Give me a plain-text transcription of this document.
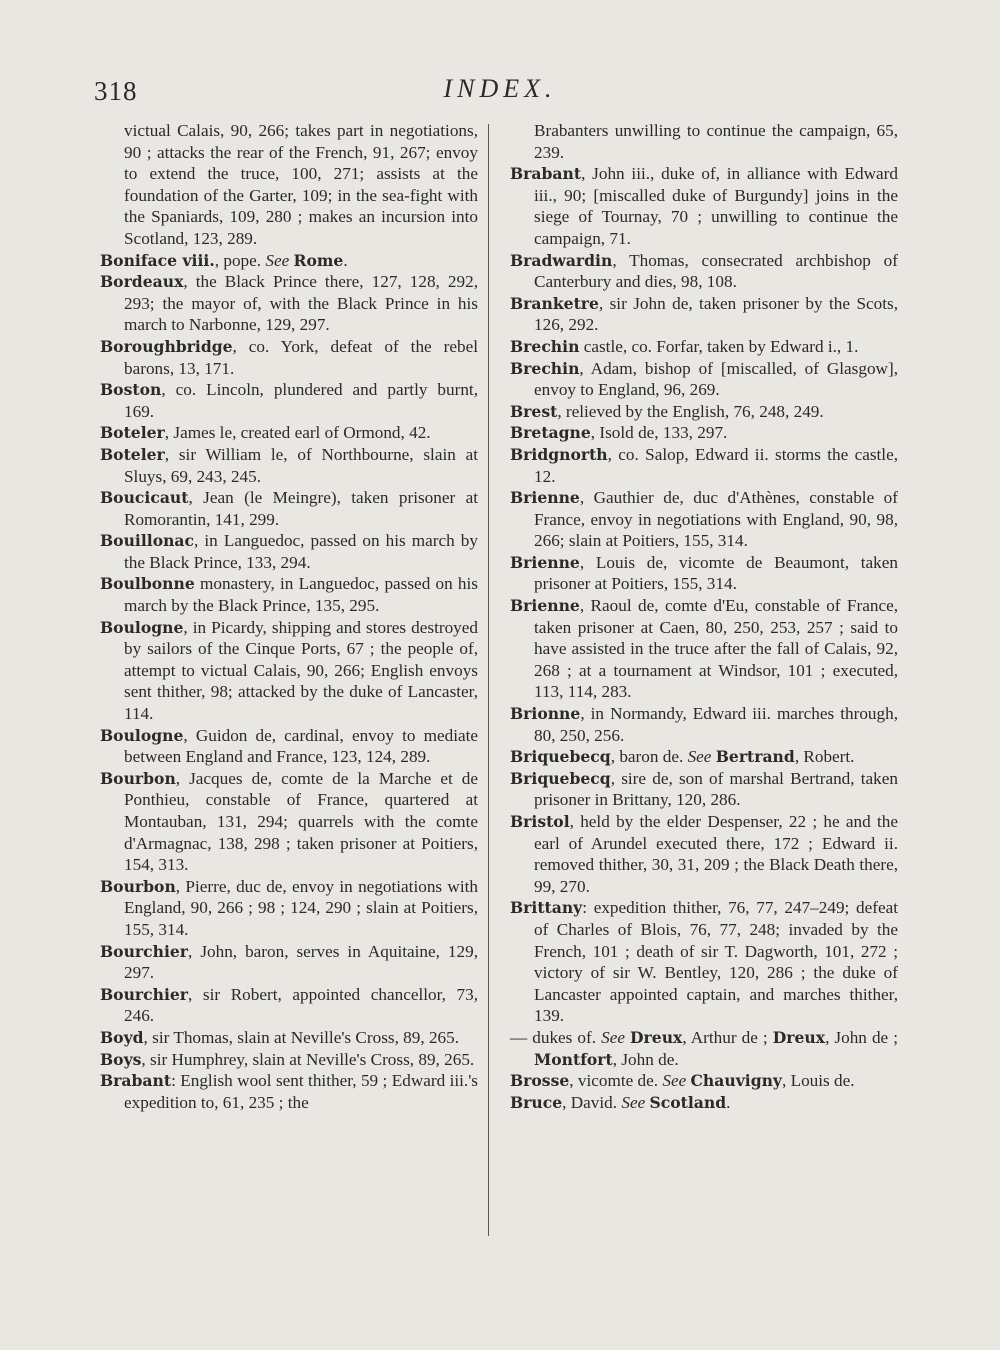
318	INDEX.

victual Calais, 90, 266; takes part in negotiations, 90 ; attacks the rear of the French, 91, 267; envoy to extend the truce, 100, 271; assists at the foundation of the Garter, 109; in the sea-fight with the Spaniards, 109, 280 ; makes an incursion into Scotland, 123, 289.

Boniface viii., pope. See Rome.

Bordeaux, the Black Prince there, 127, 128, 292, 293; the mayor of, with the Black Prince in his march to Narbonne, 129, 297.

Boroughbridge, co. York, defeat of the rebel barons, 13, 171.

Boston, co. Lincoln, plundered and partly burnt, 169.

Boteler, James le, created earl of Ormond, 42.

Boteler, sir William le, of Northbourne, slain at Sluys, 69, 243, 245.

Boucicaut, Jean (le Meingre), taken prisoner at Romorantin, 141, 299.

Bouillonac, in Languedoc, passed on his march by the Black Prince, 133, 294.

Boulbonne monastery, in Languedoc, passed on his march by the Black Prince, 135, 295.

Boulogne, in Picardy, shipping and stores destroyed by sailors of the Cinque Ports, 67 ; the people of, attempt to victual Calais, 90, 266; English envoys sent thither, 98; attacked by the duke of Lancaster, 114.

Boulogne, Guidon de, cardinal, envoy to mediate between England and France, 123, 124, 289.

Bourbon, Jacques de, comte de la Marche et de Ponthieu, constable of France, quartered at Montauban, 131, 294; quarrels with the comte d'Armagnac, 138, 298 ; taken prisoner at Poitiers, 154, 313.

Bourbon, Pierre, duc de, envoy in negotiations with England, 90, 266 ; 98 ; 124, 290 ; slain at Poitiers, 155, 314.

Bourchier, John, baron, serves in Aquitaine, 129, 297.

Bourchier, sir Robert, appointed chancellor, 73, 246.

Boyd, sir Thomas, slain at Neville's Cross, 89, 265.

Boys, sir Humphrey, slain at Neville's Cross, 89, 265.

Brabant: English wool sent thither, 59 ; Edward iii.'s expedition to, 61, 235 ; the

Brabanters unwilling to continue the campaign, 65, 239.

Brabant, John iii., duke of, in alliance with Edward iii., 90; [miscalled duke of Burgundy] joins in the siege of Tournay, 70 ; unwilling to continue the campaign, 71.

Bradwardin, Thomas, consecrated archbishop of Canterbury and dies, 98, 108.

Branketre, sir John de, taken prisoner by the Scots, 126, 292.

Brechin castle, co. Forfar, taken by Edward i., 1.

Brechin, Adam, bishop of [miscalled, of Glasgow], envoy to England, 96, 269.

Brest, relieved by the English, 76, 248, 249.

Bretagne, Isold de, 133, 297.

Bridgnorth, co. Salop, Edward ii. storms the castle, 12.

Brienne, Gauthier de, duc d'Athènes, constable of France, envoy in negotiations with England, 90, 98, 266; slain at Poitiers, 155, 314.

Brienne, Louis de, vicomte de Beaumont, taken prisoner at Poitiers, 155, 314.

Brienne, Raoul de, comte d'Eu, constable of France, taken prisoner at Caen, 80, 250, 253, 257 ; said to have assisted in the truce after the fall of Calais, 92, 268 ; at a tournament at Windsor, 101 ; executed, 113, 114, 283.

Brionne, in Normandy, Edward iii. marches through, 80, 250, 256.

Briquebecq, baron de. See Bertrand, Robert.

Briquebecq, sire de, son of marshal Bertrand, taken prisoner in Brittany, 120, 286.

Bristol, held by the elder Despenser, 22 ; he and the earl of Arundel executed there, 172 ; Edward ii. removed thither, 30, 31, 209 ; the Black Death there, 99, 270.

Brittany: expedition thither, 76, 77, 247–249; defeat of Charles of Blois, 76, 77, 248; invaded by the French, 101 ; death of sir T. Dagworth, 101, 272 ; victory of sir W. Bentley, 120, 286 ; the duke of Lancaster appointed captain, and marches thither, 139.

— dukes of. See Dreux, Arthur de ; Dreux, John de ; Montfort, John de.

Brosse, vicomte de. See Chauvigny, Louis de.

Bruce, David. See Scotland.
